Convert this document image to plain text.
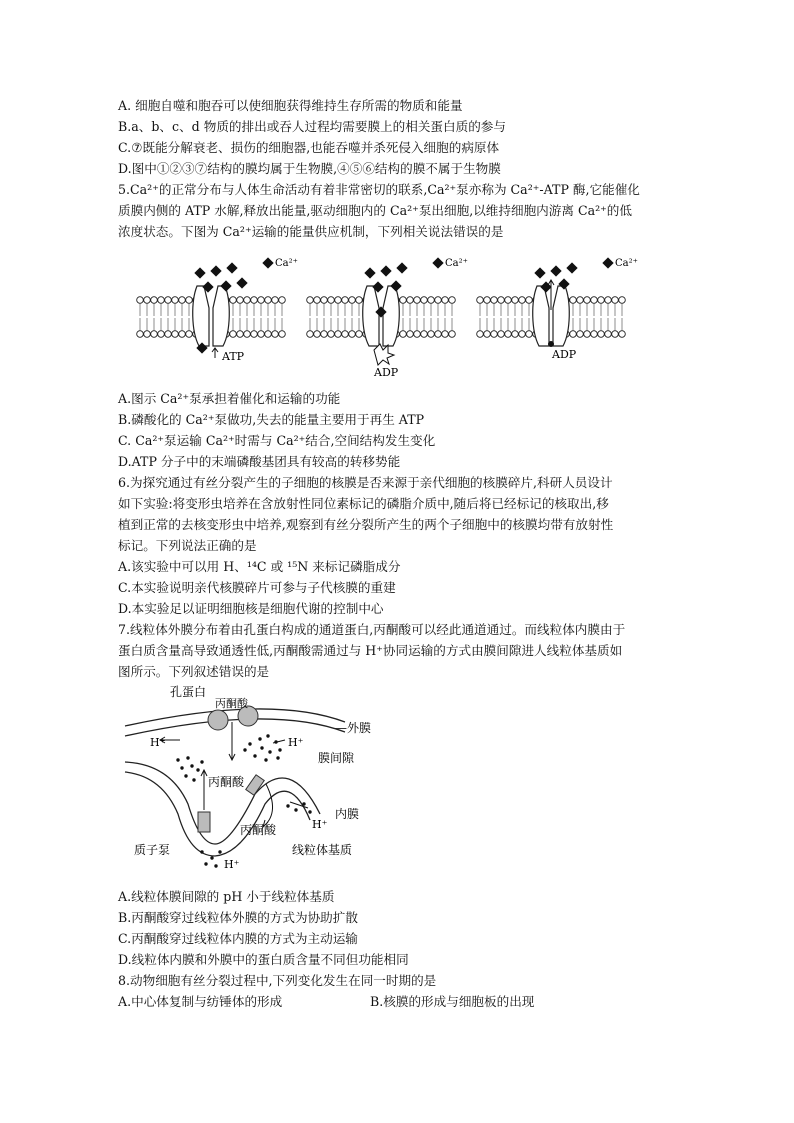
A. 细胞自噬和胞吞可以使细胞获得维持生存所需的物质和能量
B.a、b、c、d 物质的排出或吞人过程均需要膜上的相关蛋白质的参与
C.⑦既能分解衰老、损伤的细胞器,也能吞噬并杀死侵入细胞的病原体
D.图中①②③⑦结构的膜均属于生物膜,④⑤⑥结构的膜不属于生物膜
5.Ca²⁺的正常分布与人体生命活动有着非常密切的联系,Ca²⁺泵亦称为 Ca²⁺-ATP 酶,它能催化
质膜内侧的 ATP 水解,释放出能量,驱动细胞内的 Ca²⁺泵出细胞,以维持细胞内游离 Ca²⁺的低
浓度状态。下图为 Ca²⁺运输的能量供应机制，下列相关说法错误的是
ATP
Ca²⁺
ADP
Ca²⁺
ADP
Ca²⁺
A.图示 Ca²⁺泵承担着催化和运输的功能
B.磷酸化的 Ca²⁺泵做功,失去的能量主要用于再生 ATP
C. Ca²⁺泵运输 Ca²⁺时需与 Ca²⁺结合,空间结构发生变化
D.ATP 分子中的末端磷酸基团具有较高的转移势能
6.为探究通过有丝分裂产生的子细胞的核膜是否来源于亲代细胞的核膜碎片,科研人员设计
如下实验:将变形虫培养在含放射性同位素标记的磷脂介质中,随后将已经标记的核取出,移
植到正常的去核变形虫中培养,观察到有丝分裂所产生的两个子细胞中的核膜均带有放射性
标记。下列说法正确的是
A.该实验中可以用 H、¹⁴C 或 ¹⁵N 来标记磷脂成分
C.本实验说明亲代核膜碎片可参与子代核膜的重建
D.本实验足以证明细胞核是细胞代谢的控制中心
7.线粒体外膜分布着由孔蛋白构成的通道蛋白,丙酮酸可以经此通道通过。而线粒体内膜由于
蛋白质含量高导致通透性低,丙酮酸需通过与 H⁺协同运输的方式由膜间隙进人线粒体基质如
图所示。下列叙述错误的是
孔蛋白
丙酮酸
—外膜
H⁺	H⁺
膜间隙
丙酮酸
内膜
H⁺
丙酮酸
质子泵	线粒体基质
H⁺
A.线粒体膜间隙的 pH 小于线粒体基质
B.丙酮酸穿过线粒体外膜的方式为协助扩散
C.丙酮酸穿过线粒体内膜的方式为主动运输
D.线粒体内膜和外膜中的蛋白质含量不同但功能相同
8.动物细胞有丝分裂过程中,下列变化发生在同一时期的是
A.中心体复制与纺锤体的形成	B.核膜的形成与细胞板的出现
